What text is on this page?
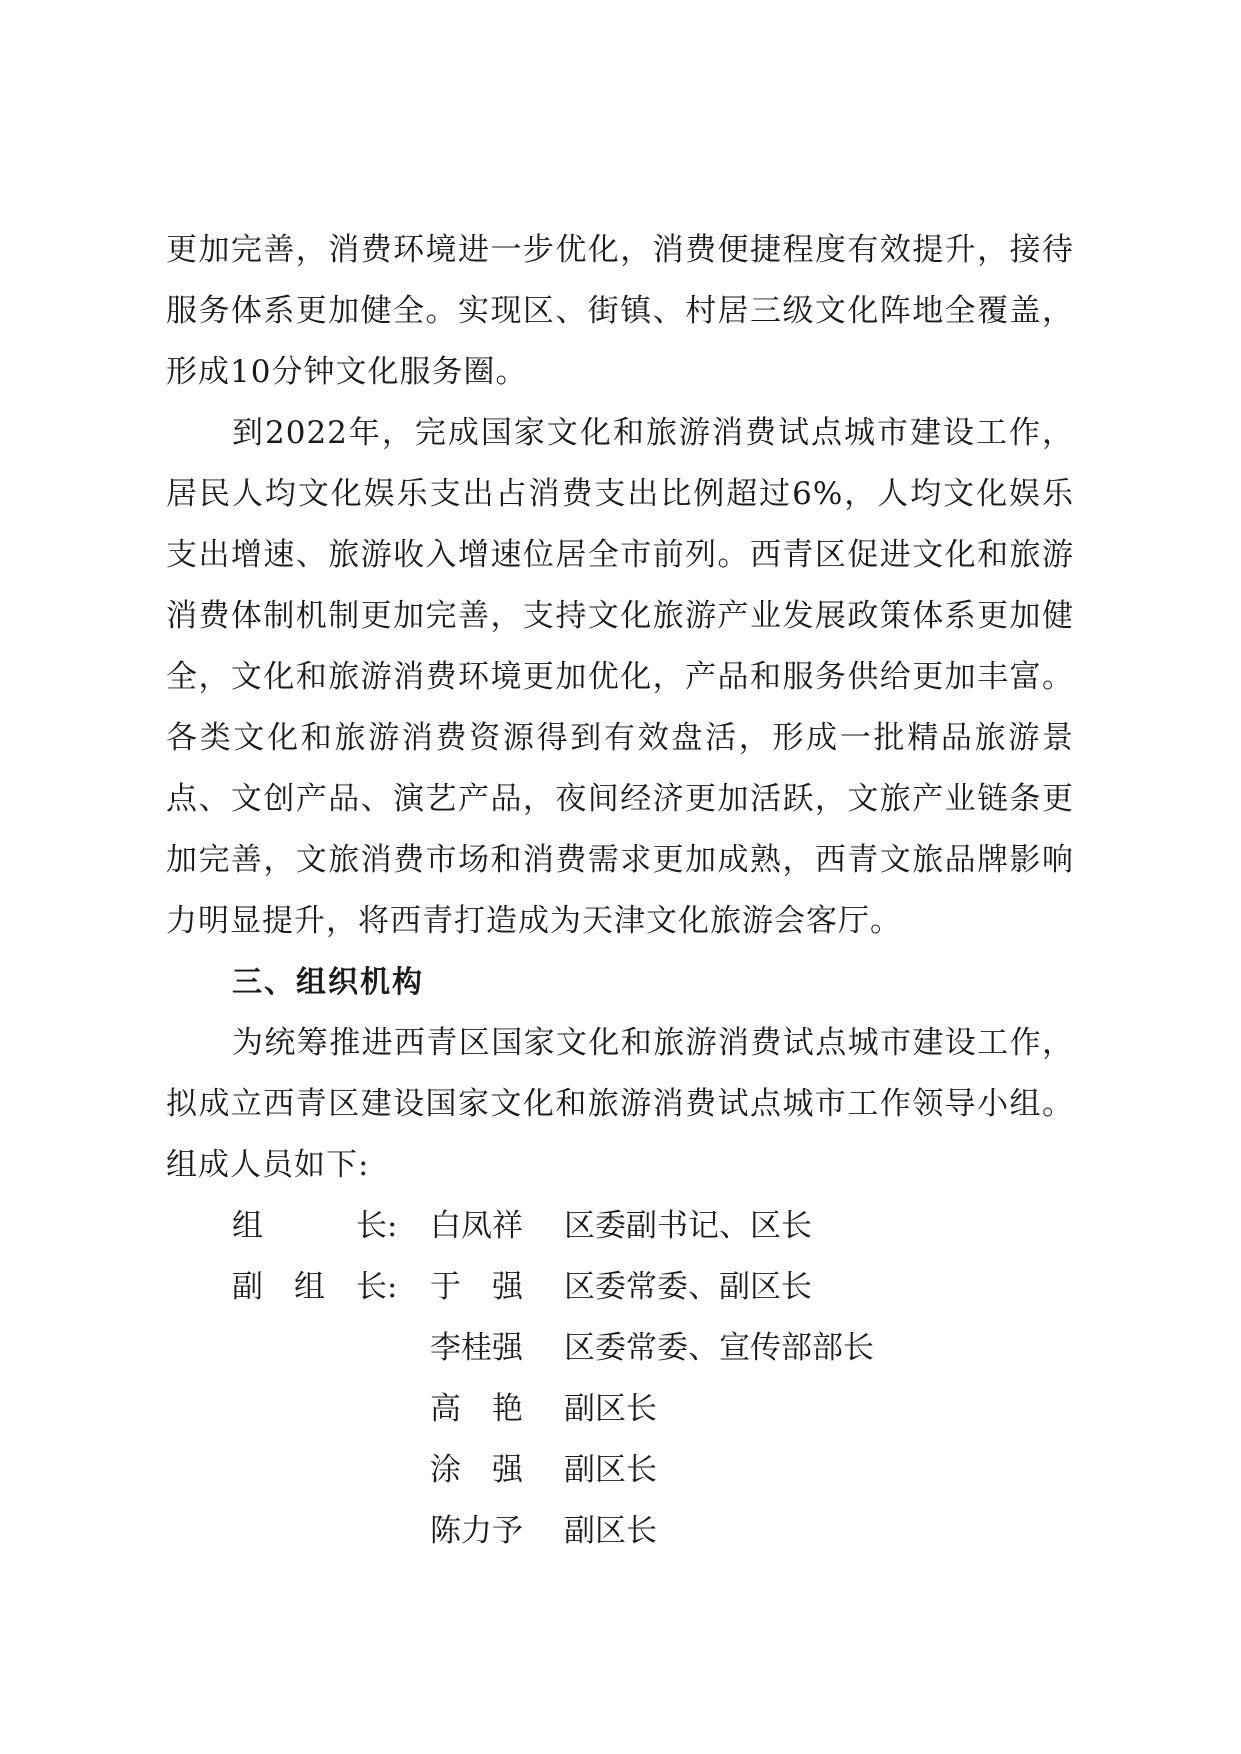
更加完善，消费环境进一步优化，消费便捷程度有效提升，接待服务体系更加健全。实现区、街镇、村居三级文化阵地全覆盖，形成10分钟文化服务圈。

到2022年，完成国家文化和旅游消费试点城市建设工作，居民人均文化娱乐支出占消费支出比例超过6%，人均文化娱乐支出增速、旅游收入增速位居全市前列。西青区促进文化和旅游消费体制机制更加完善，支持文化旅游产业发展政策体系更加健全，文化和旅游消费环境更加优化，产品和服务供给更加丰富。各类文化和旅游消费资源得到有效盘活，形成一批精品旅游景点、文创产品、演艺产品，夜间经济更加活跃，文旅产业链条更加完善，文旅消费市场和消费需求更加成熟，西青文旅品牌影响力明显提升，将西青打造成为天津文化旅游会客厅。

三、组织机构

为统筹推进西青区国家文化和旅游消费试点城市建设工作，拟成立西青区建设国家文化和旅游消费试点城市工作领导小组。组成人员如下:

组　　　长: 白凤祥 区委副书记、区长
副　组　长: 于　强 区委常委、副区长
李桂强 区委常委、宣传部部长
高　艳 副区长
涂　强 副区长
陈力予 副区长
